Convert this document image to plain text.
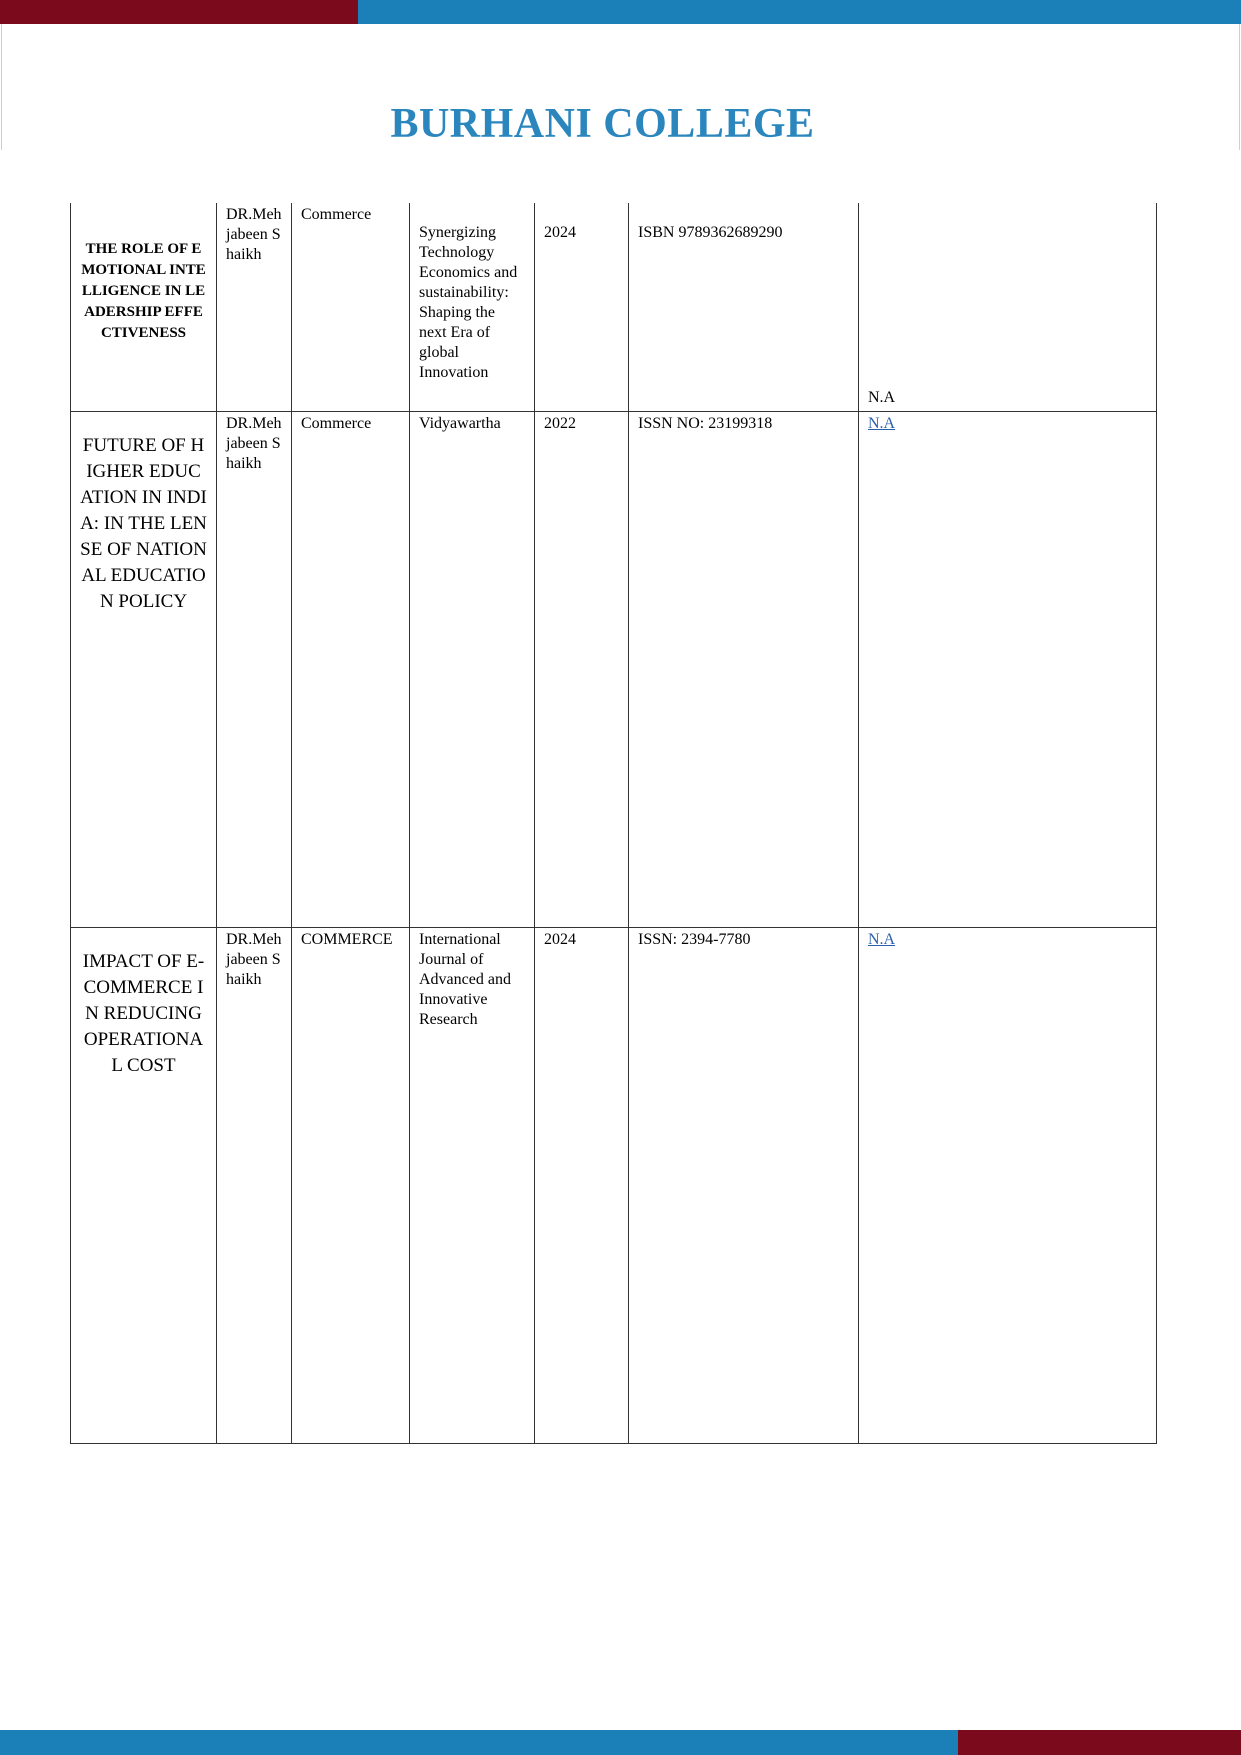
BURHANI COLLEGE
THE ROLE OF EMOTIONAL INTELLIGENCE IN LEADERSHIP EFFECTIVENESS	DR.Mehjabeen Shaikh	Commerce	Synergizing Technology Economics and sustainability: Shaping the next Era of global Innovation	2024	ISBN 9789362689290	N.A

FUTURE OF HIGHER EDUCATION IN INDIA: IN THE LENSE OF NATIONAL EDUCATION POLICY	DR.Mehjabeen Shaikh	Commerce	Vidyawartha	2022	ISSN NO: 23199318	N.A

IMPACT OF E-COMMERCE IN REDUCING OPERATIONAL COST	DR.Mehjabeen Shaikh	COMMERCE	International Journal of Advanced and Innovative Research	2024	ISSN: 2394-7780	N.A
